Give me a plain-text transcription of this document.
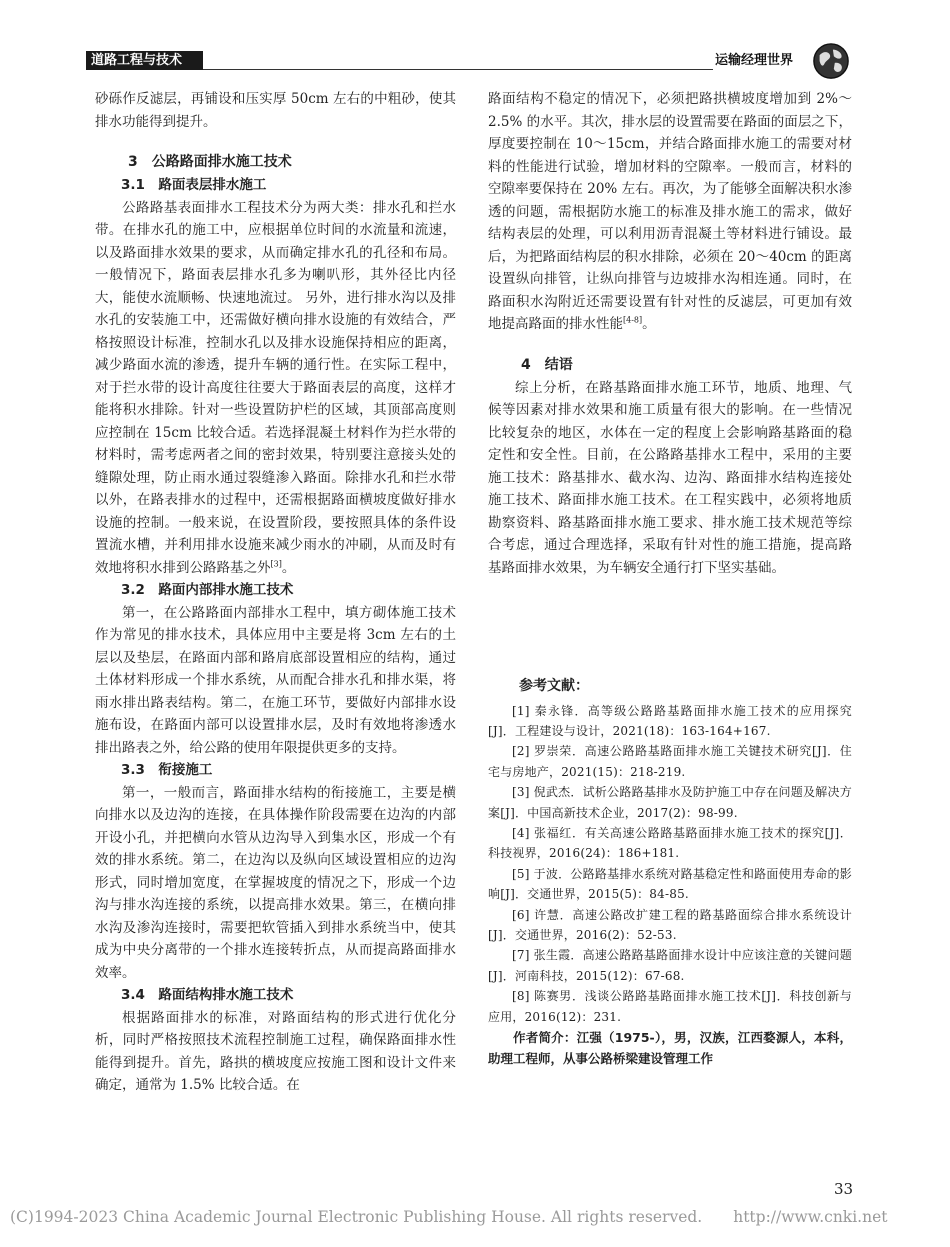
道路工程与技术	运输经理世界

砂砾作反滤层，再铺设和压实厚 50cm 左右的中粗砂，使其排水功能得到提升。

3　公路路面排水施工技术
3.1　路面表层排水施工

公路路基表面排水工程技术分为两大类：排水孔和拦水带。在排水孔的施工中，应根据单位时间的水流量和流速，以及路面排水效果的要求，从而确定排水孔的孔径和布局。一般情况下，路面表层排水孔多为喇叭形，其外径比内径大，能使水流顺畅、快速地流过。 另外，进行排水沟以及排水孔的安装施工中，还需做好横向排水设施的有效结合，严格按照设计标准，控制水孔以及排水设施保持相应的距离，减少路面水流的渗透，提升车辆的通行性。在实际工程中，对于拦水带的设计高度往往要大于路面表层的高度，这样才能将积水排除。针对一些设置防护栏的区域，其顶部高度则应控制在 15cm 比较合适。若选择混凝土材料作为拦水带的材料时，需考虑两者之间的密封效果，特别要注意接头处的缝隙处理，防止雨水通过裂缝渗入路面。除排水孔和拦水带以外，在路表排水的过程中，还需根据路面横坡度做好排水设施的控制。一般来说，在设置阶段，要按照具体的条件设置流水槽，并利用排水设施来减少雨水的冲刷，从而及时有效地将积水排到公路路基之外[3]。

3.2　路面内部排水施工技术

第一，在公路路面内部排水工程中，填方砌体施工技术作为常见的排水技术，具体应用中主要是将 3cm 左右的土层以及垫层，在路面内部和路肩底部设置相应的结构，通过土体材料形成一个排水系统，从而配合排水孔和排水渠，将雨水排出路表结构。第二，在施工环节，要做好内部排水设施布设，在路面内部可以设置排水层，及时有效地将渗透水排出路表之外，给公路的使用年限提供更多的支持。

3.3　衔接施工

第一，一般而言，路面排水结构的衔接施工，主要是横向排水以及边沟的连接，在具体操作阶段需要在边沟的内部开设小孔，并把横向水管从边沟导入到集水区，形成一个有效的排水系统。第二，在边沟以及纵向区域设置相应的边沟形式，同时增加宽度，在掌握坡度的情况之下，形成一个边沟与排水沟连接的系统，以提高排水效果。第三，在横向排水沟及渗沟连接时，需要把软管插入到排水系统当中，使其成为中央分离带的一个排水连接转折点，从而提高路面排水效率。

3.4　路面结构排水施工技术

根据路面排水的标准，对路面结构的形式进行优化分析，同时严格按照技术流程控制施工过程，确保路面排水性能得到提升。首先，路拱的横坡度应按施工图和设计文件来确定，通常为 1.5% 比较合适。在

路面结构不稳定的情况下，必须把路拱横坡度增加到 2%～2.5% 的水平。其次，排水层的设置需要在路面的面层之下，厚度要控制在 10～15cm，并结合路面排水施工的需要对材料的性能进行试验，增加材料的空隙率。一般而言，材料的空隙率要保持在 20% 左右。再次，为了能够全面解决积水渗透的问题，需根据防水施工的标准及排水施工的需求，做好结构表层的处理，可以利用沥青混凝土等材料进行铺设。最后，为把路面结构层的积水排除，必须在 20～40cm 的距离设置纵向排管，让纵向排管与边坡排水沟相连通。同时，在路面积水沟附近还需要设置有针对性的反滤层，可更加有效地提高路面的排水性能[4-8]。

4　结语

综上分析，在路基路面排水施工环节，地质、地理、气候等因素对排水效果和施工质量有很大的影响。在一些情况比较复杂的地区，水体在一定的程度上会影响路基路面的稳定性和安全性。目前，在公路路基排水工程中，采用的主要施工技术：路基排水、截水沟、边沟、路面排水结构连接处施工技术、路面排水施工技术。在工程实践中，必须将地质勘察资料、路基路面排水施工要求、排水施工技术规范等综合考虑，通过合理选择，采取有针对性的施工措施，提高路基路面排水效果，为车辆安全通行打下坚实基础。

参考文献：

[1] 秦永锋．高等级公路路基路面排水施工技术的应用探究[J]．工程建设与设计，2021(18)：163-164+167.

[2] 罗崇荣．高速公路路基路面排水施工关键技术研究[J]．住宅与房地产，2021(15)：218-219.

[3] 倪武杰．试析公路路基排水及防护施工中存在问题及解决方案[J]．中国高新技术企业，2017(2)：98-99.

[4] 张福红．有关高速公路路基路面排水施工技术的探究[J]．科技视界，2016(24)：186+181.

[5] 于波．公路路基排水系统对路基稳定性和路面使用寿命的影响[J]．交通世界，2015(5)：84-85.

[6] 许慧．高速公路改扩建工程的路基路面综合排水系统设计[J]．交通世界，2016(2)：52-53.

[7] 张生霞．高速公路路基路面排水设计中应该注意的关键问题[J]．河南科技，2015(12)：67-68.

[8] 陈赛男．浅谈公路路基路面排水施工技术[J]．科技创新与应用，2016(12)：231.

作者简介：江强（1975-），男，汉族，江西婺源人，本科，助理工程师，从事公路桥梁建设管理工作

33
(C)1994-2023 China Academic Journal Electronic Publishing House. All rights reserved.　　http://www.cnki.net
